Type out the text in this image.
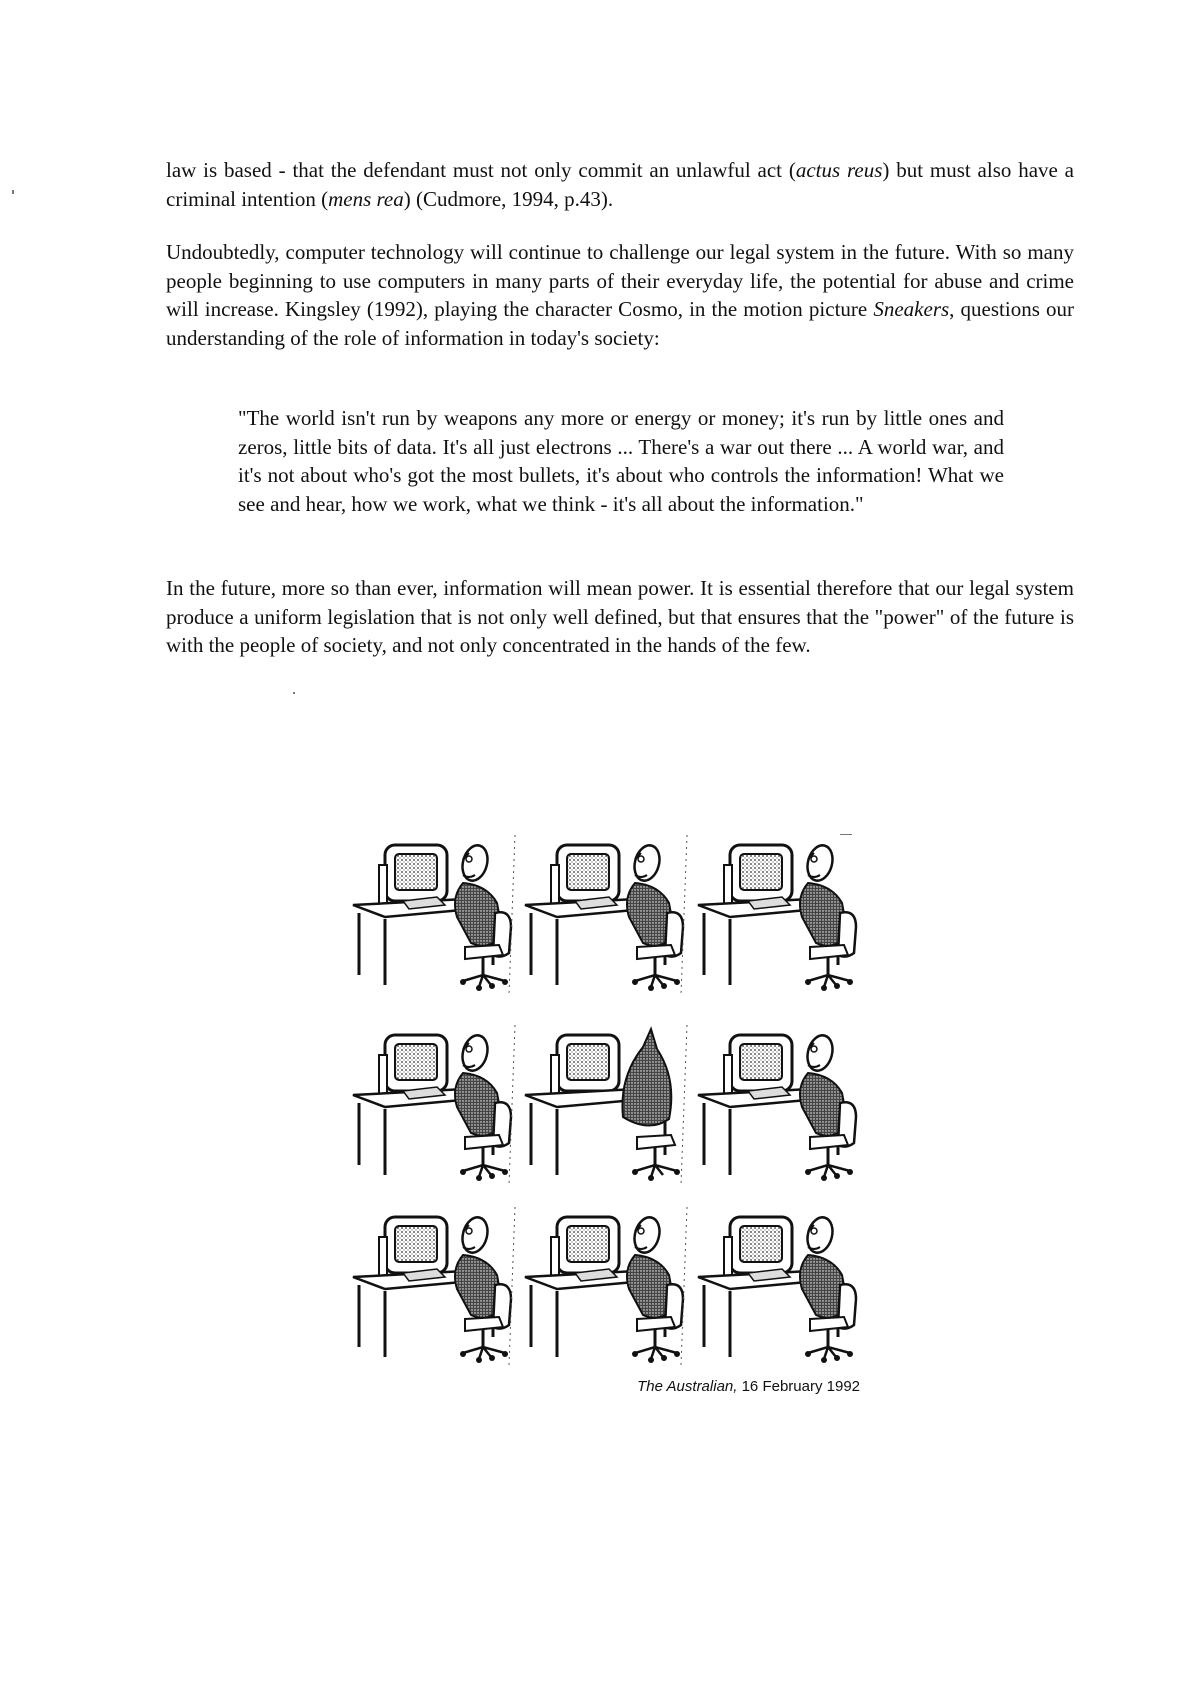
law is based - that the defendant must not only commit an unlawful act (actus reus) but must also have a criminal intention (mens rea) (Cudmore, 1994, p.43).

Undoubtedly, computer technology will continue to challenge our legal system in the future. With so many people beginning to use computers in many parts of their everyday life, the potential for abuse and crime will increase. Kingsley (1992), playing the character Cosmo, in the motion picture Sneakers, questions our understanding of the role of information in today's society:

"The world isn't run by weapons any more or energy or money; it's run by little ones and zeros, little bits of data. It's all just electrons ... There's a war out there ... A world war, and it's not about who's got the most bullets, it's about who controls the information! What we see and hear, how we work, what we think - it's all about the information."

In the future, more so than ever, information will mean power. It is essential therefore that our legal system produce a uniform legislation that is not only well defined, but that ensures that the "power" of the future is with the people of society, and not only concentrated in the hands of the few.

The Australian, 16 February 1992
